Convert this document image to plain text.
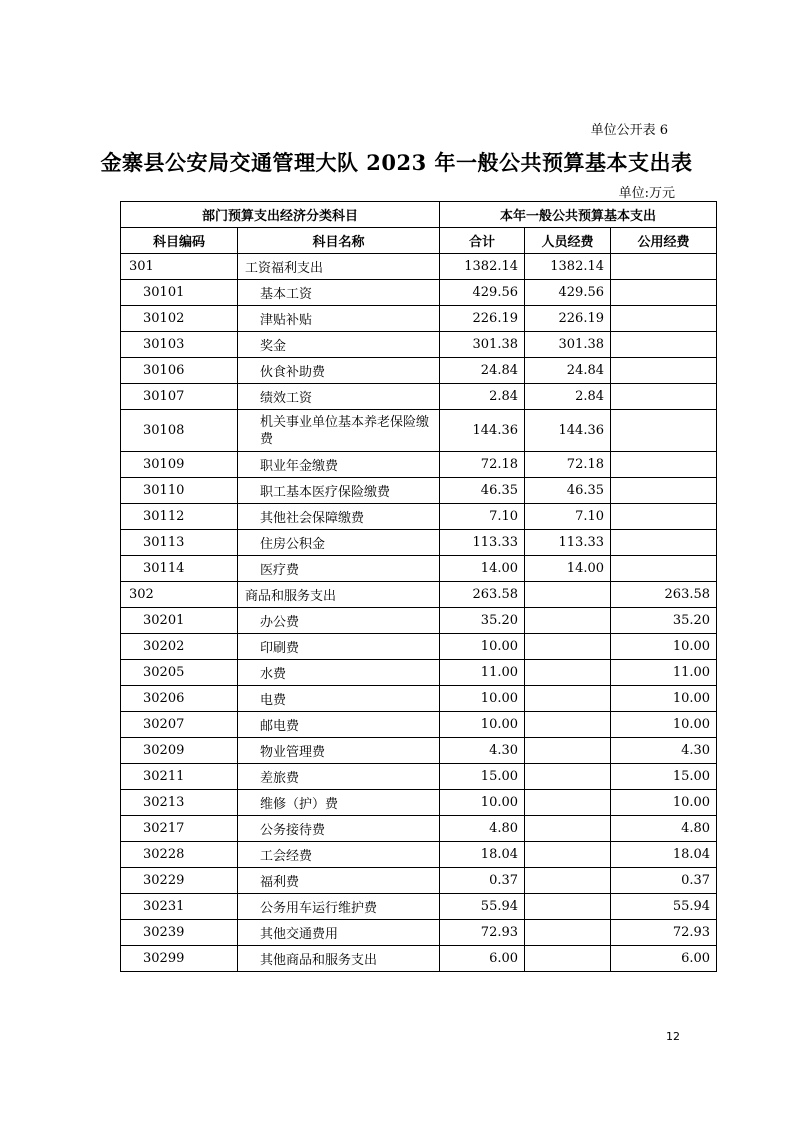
单位公开表 6
金寨县公安局交通管理大队 2023 年一般公共预算基本支出表
单位:万元
部门预算支出经济分类科目		本年一般公共预算基本支出		
科目编码	科目名称	合计	人员经费	公用经费
301	工资福利支出	1382.14	1382.14	
30101	基本工资	429.56	429.56	
30102	津贴补贴	226.19	226.19	
30103	奖金	301.38	301.38	
30106	伙食补助费	24.84	24.84	
30107	绩效工资	2.84	2.84	
30108	机关事业单位基本养老保险缴费	144.36	144.36	
30109	职业年金缴费	72.18	72.18	
30110	职工基本医疗保险缴费	46.35	46.35	
30112	其他社会保障缴费	7.10	7.10	
30113	住房公积金	113.33	113.33	
30114	医疗费	14.00	14.00	
302	商品和服务支出	263.58		263.58
30201	办公费	35.20		35.20
30202	印刷费	10.00		10.00
30205	水费	11.00		11.00
30206	电费	10.00		10.00
30207	邮电费	10.00		10.00
30209	物业管理费	4.30		4.30
30211	差旅费	15.00		15.00
30213	维修（护）费	10.00		10.00
30217	公务接待费	4.80		4.80
30228	工会经费	18.04		18.04
30229	福利费	0.37		0.37
30231	公务用车运行维护费	55.94		55.94
30239	其他交通费用	72.93		72.93
30299	其他商品和服务支出	6.00		6.00
12
